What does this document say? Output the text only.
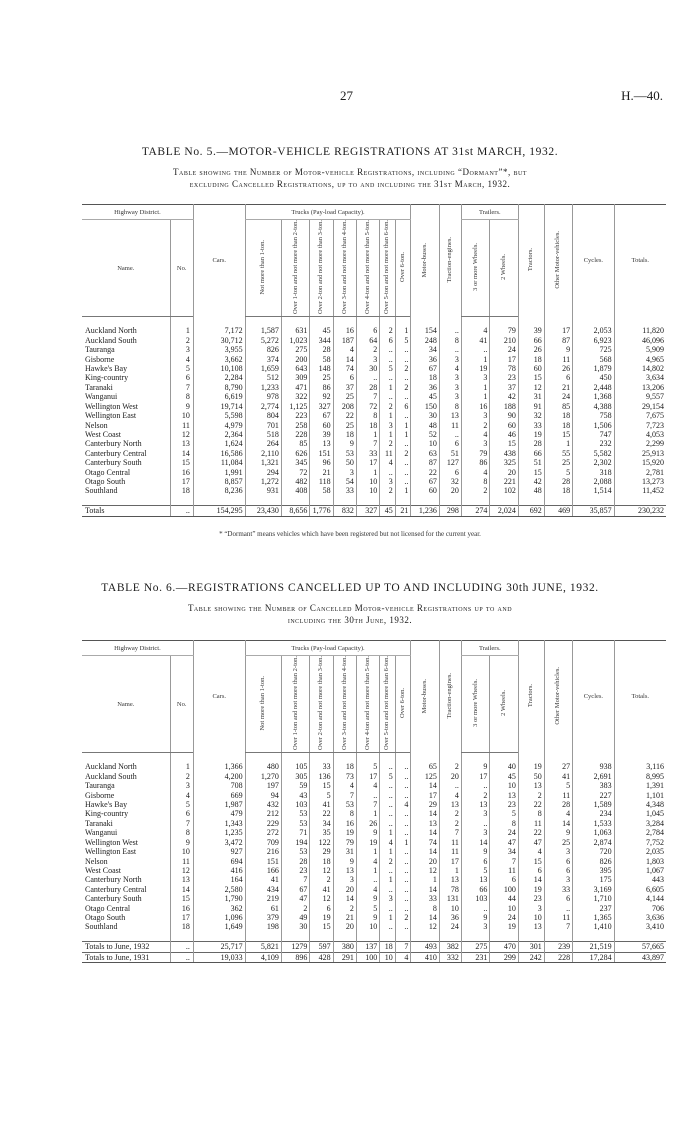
27	H.—40.
TABLE No. 5.—MOTOR-VEHICLE REGISTRATIONS AT 31st MARCH, 1932.
Table showing the Number of Motor-vehicle Registrations, including “Dormant”*, but
excluding Cancelled Registrations, up to and including the 31st March, 1932.
Highway District.		Cars.	Trucks (Pay-load Capacity).							Motor-buses.	Traction-engines.	Trailers.		Tractors.	Other Motor-vehicles.	Cycles.	Totals.
Name.	No.		Not more than 1-ton.	Over 1-ton and not more than 2-ton.	Over 2-ton and not more than 3-ton.	Over 3-ton and not more than 4-ton.	Over 4-ton and not more than 5-ton.	Over 5-ton and not more than 6-ton.	Over 6-ton.			3 or more Wheels.	2 Wheels.				

Auckland North	1	7,172	1,587	631	45	16	6	2	1	154	..	4	79	39	17	2,053	11,820
Auckland South	2	30,712	5,272	1,023	344	187	64	6	5	248	8	41	210	66	87	6,923	46,096
Tauranga	3	3,955	826	275	28	4	2	..	..	34	..	..	24	26	9	725	5,909
Gisborne	4	3,662	374	200	58	14	3	..	..	36	3	1	17	18	11	568	4,965
Hawke's Bay	5	10,108	1,659	643	148	74	30	5	2	67	4	19	78	60	26	1,879	14,802
King-country	6	2,284	512	309	25	6	..	..	..	18	3	3	23	15	6	450	3,634
Taranaki	7	8,790	1,233	471	86	37	28	1	2	36	3	1	37	12	21	2,448	13,206
Wanganui	8	6,619	978	322	92	25	7	..	..	45	3	1	42	31	24	1,368	9,557
Wellington West	9	19,714	2,774	1,125	327	208	72	2	6	150	8	16	188	91	85	4,388	29,154
Wellington East	10	5,598	804	223	67	22	8	1	..	30	13	3	90	32	18	758	7,675
Nelson	11	4,979	701	258	60	25	18	3	1	48	11	2	60	33	18	1,506	7,723
West Coast	12	2,364	518	228	39	18	1	1	1	52	..	4	46	19	15	747	4,053
Canterbury North	13	1,624	264	85	13	9	7	2	..	10	6	3	15	28	1	232	2,299
Canterbury Central	14	16,586	2,110	626	151	53	33	11	2	63	51	79	438	66	55	5,582	25,913
Canterbury South	15	11,084	1,321	345	96	50	17	4	..	87	127	86	325	51	25	2,302	15,920
Otago Central	16	1,991	294	72	21	3	1	..	..	22	6	4	20	15	5	318	2,781
Otago South	17	8,857	1,272	482	118	54	10	3	..	67	32	8	221	42	28	2,088	13,273
Southland	18	8,236	931	408	58	33	10	2	1	60	20	2	102	48	18	1,514	11,452

Totals	..	154,295	23,430	8,656	1,776	832	327	45	21	1,236	298	274	2,024	692	469	35,857	230,232
* “Dormant” means vehicles which have been registered but not licensed for the current year.
TABLE No. 6.—REGISTRATIONS CANCELLED UP TO AND INCLUDING 30th JUNE, 1932.
Table showing the Number of Cancelled Motor-vehicle Registrations up to and
including the 30th June, 1932.
Highway District.		Cars.	Trucks (Pay-load Capacity).							Motor-buses.	Traction-engines.	Trailers.		Tractors.	Other Motor-vehicles.	Cycles.	Totals.
Name.	No.		Not more than 1-ton.	Over 1-ton and not more than 2-ton.	Over 2-ton and not more than 3-ton.	Over 3-ton and not more than 4-ton.	Over 4-ton and not more than 5-ton.	Over 5-ton and not more than 6-ton.	Over 6-ton.			3 or more Wheels.	2 Wheels.				

Auckland North	1	1,366	480	105	33	18	5	..	..	65	2	9	40	19	27	938	3,116
Auckland South	2	4,200	1,270	305	136	73	17	5	..	125	20	17	45	50	41	2,691	8,995
Tauranga	3	708	197	59	15	4	4	..	..	14	..	..	10	13	5	383	1,391
Gisborne	4	669	94	43	5	7	..	..	..	17	4	2	13	2	11	227	1,101
Hawke's Bay	5	1,987	432	103	41	53	7	..	4	29	13	13	23	22	28	1,589	4,348
King-country	6	479	212	53	22	8	1	..	..	14	2	3	5	8	4	234	1,045
Taranaki	7	1,343	229	53	34	16	26	..	..	13	2	..	8	11	14	1,533	3,284
Wanganui	8	1,235	272	71	35	19	9	1	..	14	7	3	24	22	9	1,063	2,784
Wellington West	9	3,472	709	194	122	79	19	4	1	74	11	14	47	47	25	2,874	7,752
Wellington East	10	927	216	53	29	31	1	1	..	14	11	9	34	4	3	720	2,035
Nelson	11	694	151	28	18	9	4	2	..	20	17	6	7	15	6	826	1,803
West Coast	12	416	166	23	12	13	1	..	..	12	1	5	11	6	6	395	1,067
Canterbury North	13	164	41	7	2	3	..	1	..	1	13	13	6	14	3	175	443
Canterbury Central	14	2,580	434	67	41	20	4	..	..	14	78	66	100	19	33	3,169	6,605
Canterbury South	15	1,790	219	47	12	14	9	3	..	33	131	103	44	23	6	1,710	4,144
Otago Central	16	362	61	2	6	2	5	..	..	8	10	..	10	3	..	237	706
Otago South	17	1,096	379	49	19	21	9	1	2	14	36	9	24	10	11	1,365	3,636
Southland	18	1,649	198	30	15	20	10	..	..	12	24	3	19	13	7	1,410	3,410

Totals to June, 1932	..	25,717	5,821	1279	597	380	137	18	7	493	382	275	470	301	239	21,519	57,665
Totals to June, 1931	..	19,033	4,109	896	428	291	100	10	4	410	332	231	299	242	228	17,284	43,897
